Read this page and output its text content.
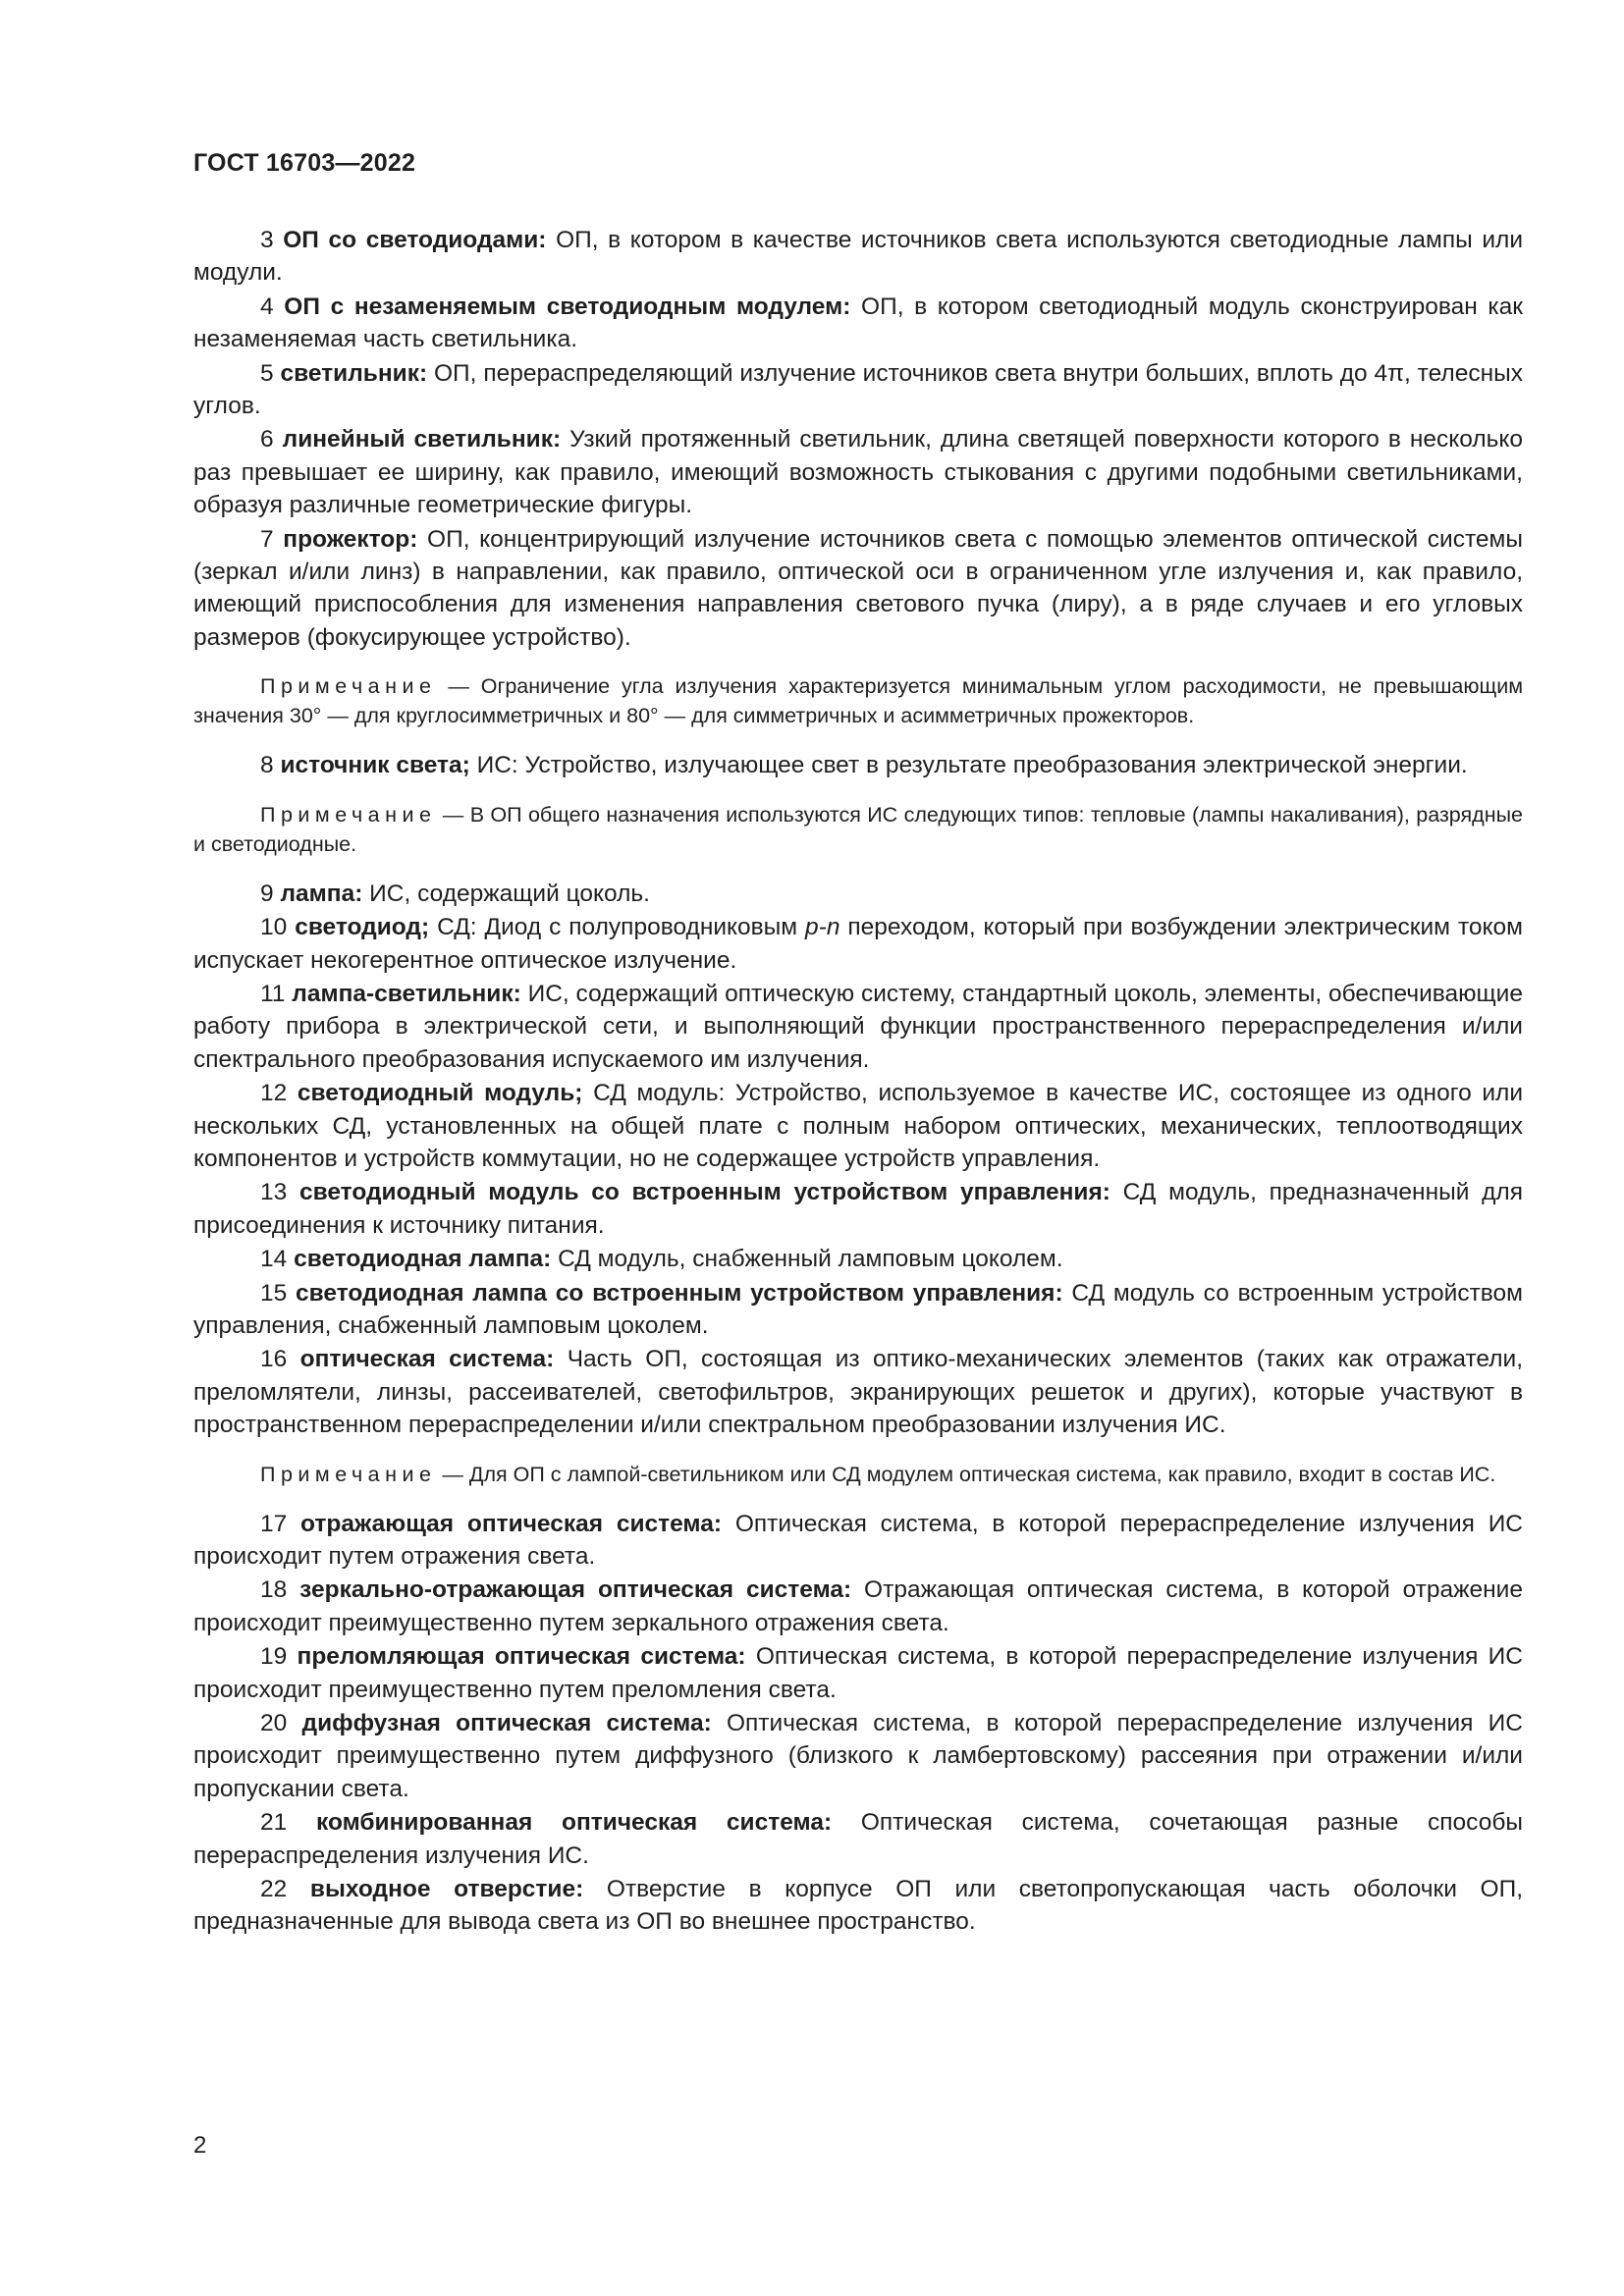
ГОСТ 16703—2022

3 ОП со светодиодами: ОП, в котором в качестве источников света используются светодиодные лампы или модули.

4 ОП с незаменяемым светодиодным модулем: ОП, в котором светодиодный модуль сконструирован как незаменяемая часть светильника.

5 светильник: ОП, перераспределяющий излучение источников света внутри больших, вплоть до 4π, телесных углов.

6 линейный светильник: Узкий протяженный светильник, длина светящей поверхности которого в несколько раз превышает ее ширину, как правило, имеющий возможность стыкования с другими подобными светильниками, образуя различные геометрические фигуры.

7 прожектор: ОП, концентрирующий излучение источников света с помощью элементов оптической системы (зеркал и/или линз) в направлении, как правило, оптической оси в ограниченном угле излучения и, как правило, имеющий приспособления для изменения направления светового пучка (лиру), а в ряде случаев и его угловых размеров (фокусирующее устройство).

Примечание — Ограничение угла излучения характеризуется минимальным углом расходимости, не превышающим значения 30° — для круглосимметричных и 80° — для симметричных и асимметричных прожекторов.

8 источник света; ИС: Устройство, излучающее свет в результате преобразования электрической энергии.

Примечание — В ОП общего назначения используются ИС следующих типов: тепловые (лампы накаливания), разрядные и светодиодные.

9 лампа: ИС, содержащий цоколь.

10 светодиод; СД: Диод с полупроводниковым p-n переходом, который при возбуждении электрическим током испускает некогерентное оптическое излучение.

11 лампа-светильник: ИС, содержащий оптическую систему, стандартный цоколь, элементы, обеспечивающие работу прибора в электрической сети, и выполняющий функции пространственного перераспределения и/или спектрального преобразования испускаемого им излучения.

12 светодиодный модуль; СД модуль: Устройство, используемое в качестве ИС, состоящее из одного или нескольких СД, установленных на общей плате с полным набором оптических, механических, теплоотводящих компонентов и устройств коммутации, но не содержащее устройств управления.

13 светодиодный модуль со встроенным устройством управления: СД модуль, предназначенный для присоединения к источнику питания.

14 светодиодная лампа: СД модуль, снабженный ламповым цоколем.

15 светодиодная лампа со встроенным устройством управления: СД модуль со встроенным устройством управления, снабженный ламповым цоколем.

16 оптическая система: Часть ОП, состоящая из оптико-механических элементов (таких как отражатели, преломлятели, линзы, рассеивателей, светофильтров, экранирующих решеток и других), которые участвуют в пространственном перераспределении и/или спектральном преобразовании излучения ИС.

Примечание — Для ОП с лампой-светильником или СД модулем оптическая система, как правило, входит в состав ИС.

17 отражающая оптическая система: Оптическая система, в которой перераспределение излучения ИС происходит путем отражения света.

18 зеркально-отражающая оптическая система: Отражающая оптическая система, в которой отражение происходит преимущественно путем зеркального отражения света.

19 преломляющая оптическая система: Оптическая система, в которой перераспределение излучения ИС происходит преимущественно путем преломления света.

20 диффузная оптическая система: Оптическая система, в которой перераспределение излучения ИС происходит преимущественно путем диффузного (близкого к ламбертовскому) рассеяния при отражении и/или пропускании света.

21 комбинированная оптическая система: Оптическая система, сочетающая разные способы перераспределения излучения ИС.

22 выходное отверстие: Отверстие в корпусе ОП или светопропускающая часть оболочки ОП, предназначенные для вывода света из ОП во внешнее пространство.

2
